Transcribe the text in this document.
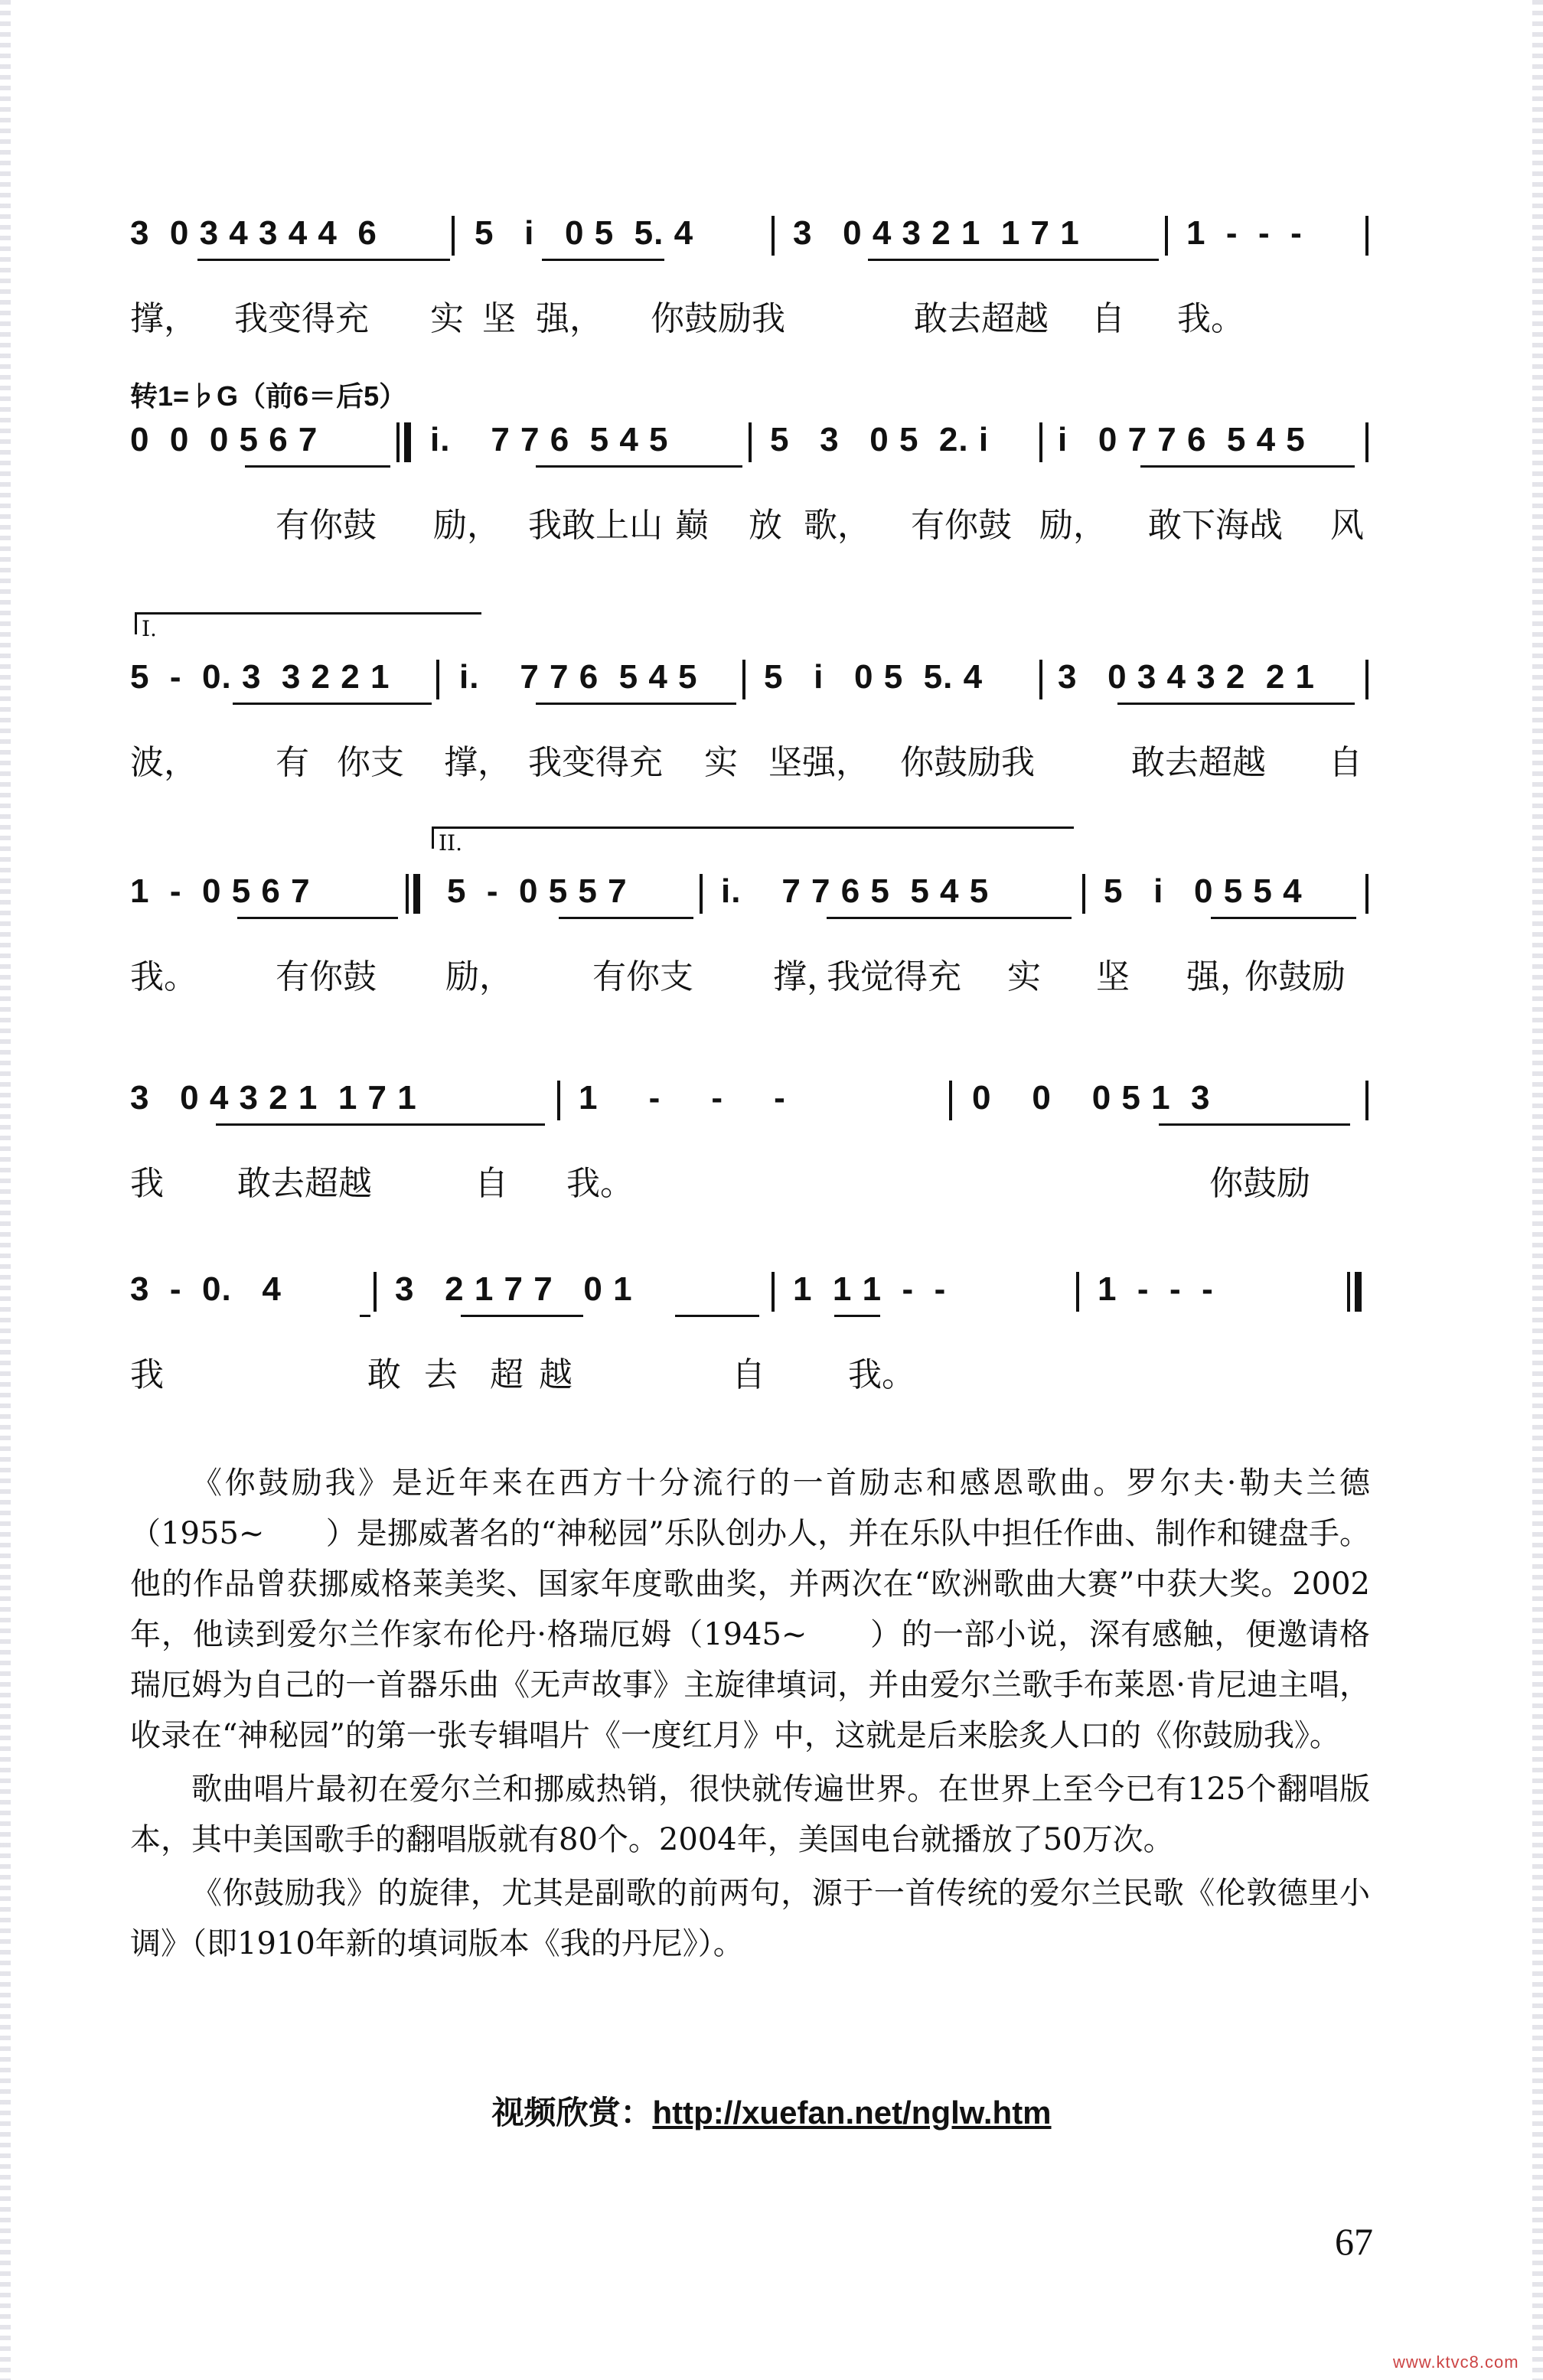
3  0 3 4 3 4 4  6

	5   i   0 5  5. 4

	3   0 4 3 2 1  1 7 1

	1  -  -  -

撑，

我变得充

实

坚

强，

你鼓励我

	敢去超越

自

我。

转1=♭G（前6＝后5）

0  0  0 5 6 7

	i.    7 7 6  5 4 5

	5   3   0 5  2. i

i   0 7 7 6  5 4 5

有你鼓

励，

我敢上山

巅

放

歌，

有你鼓

励，

敢下海战

风

I.

5  -  0. 3  3 2 2 1

i.    7 7 6  5 4 5

5   i   0 5  5. 4

3   0 3 4 3 2  2 1

波，

有

你支

撑，

我变得充

实

坚强，

你鼓励我

	敢去超越

自

II.

1  -  0 5 6 7

	5  -  0 5 5 7

	i.    7 7 6 5  5 4 5

	5   i   0 5 5 4

我。

有你鼓

励，

有你支

撑，

我觉得充

实

坚

强，

你鼓励

3   0 4 3 2 1  1 7 1

	1     -     -     -

	0    0    0 5 1  3

我

敢去超越

	自

我。

	你鼓励

3  -  0.   4

	3   2 1 7 7   0 1

	1  1 1  -  -

	1  -  -  -

我

	敢

去

超

越

	自

我。

《你鼓励我》是近年来在西方十分流行的一首励志和感恩歌曲。罗尔夫·勒夫兰德（1955~　　）是挪威著名的“神秘园”乐队创办人，并在乐队中担任作曲、制作和键盘手。他的作品曾获挪威格莱美奖、国家年度歌曲奖，并两次在“欧洲歌曲大赛”中获大奖。2002年，他读到爱尔兰作家布伦丹·格瑞厄姆（1945~　　）的一部小说，深有感触，便邀请格瑞厄姆为自己的一首器乐曲《无声故事》主旋律填词，并由爱尔兰歌手布莱恩·肯尼迪主唱，收录在“神秘园”的第一张专辑唱片《一度红月》中，这就是后来脍炙人口的《你鼓励我》。

歌曲唱片最初在爱尔兰和挪威热销，很快就传遍世界。在世界上至今已有125个翻唱版本，其中美国歌手的翻唱版就有80个。2004年，美国电台就播放了50万次。

《你鼓励我》的旋律，尤其是副歌的前两句，源于一首传统的爱尔兰民歌《伦敦德里小调》（即1910年新的填词版本《我的丹尼》）。

视频欣赏：http://xuefan.net/nglw.htm
67
www.ktvc8.com
